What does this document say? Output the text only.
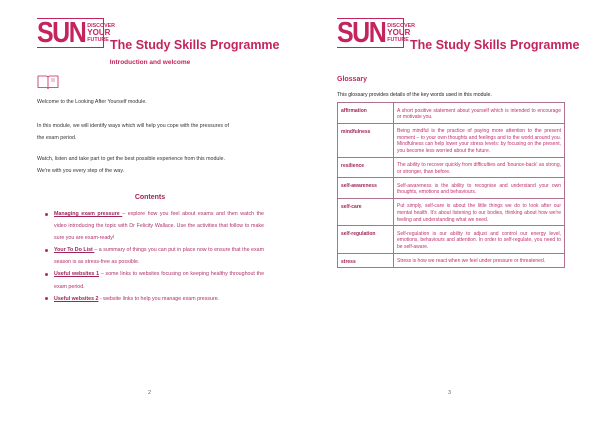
SUN DISCOVER
YOUR
FUTURE The Study Skills Programme
Introduction and welcome
Welcome to the Looking After Yourself module.
In this module, we will identify ways which will help you cope with the pressures of
the exam period.
Watch, listen and take part to get the best possible experience from this module.
We're with you every step of the way.
Contents
Managing exam pressure – explore how you feel about exams and then watch the video introducing the topic with Dr Felicity Wallace. Use the activities that follow to make sure you are exam-ready!
Your To Do List – a summary of things you can put in place now to ensure that the exam season is as stress-free as possible.
Useful websites 1 – some links to websites focusing on keeping healthy throughout the exam period.
Useful websites 2 - website links to help you manage exam pressure.
2
SUN DISCOVER
YOUR
FUTURE The Study Skills Programme
Glossary
This glossary provides details of the key words used in this module.
affirmation	A short positive statement about yourself which is intended to encourage or motivate you.
mindfulness	Being mindful is the practice of paying more attention to the present moment – to your own thoughts and feelings and to the world around you. Mindfulness can help lower your stress levels: by focusing on the present, you become less worried about the future.
resilience	The ability to recover quickly from difficulties and 'bounce-back' as strong, or stronger, than before.
self-awareness	Self-awareness is the ability to recognise and understand your own thoughts, emotions and behaviours.
self-care	Put simply, self-care is about the little things we do to look after our mental health. It's about listening to our bodies, thinking about how we're feeling and understanding what we need.
self-regulation	Self-regulation is our ability to adjust and control our energy level, emotions, behaviours and attention. In order to self-regulate, you need to be self-aware.
stress	Stress is how we react when we feel under pressure or threatened.
3
